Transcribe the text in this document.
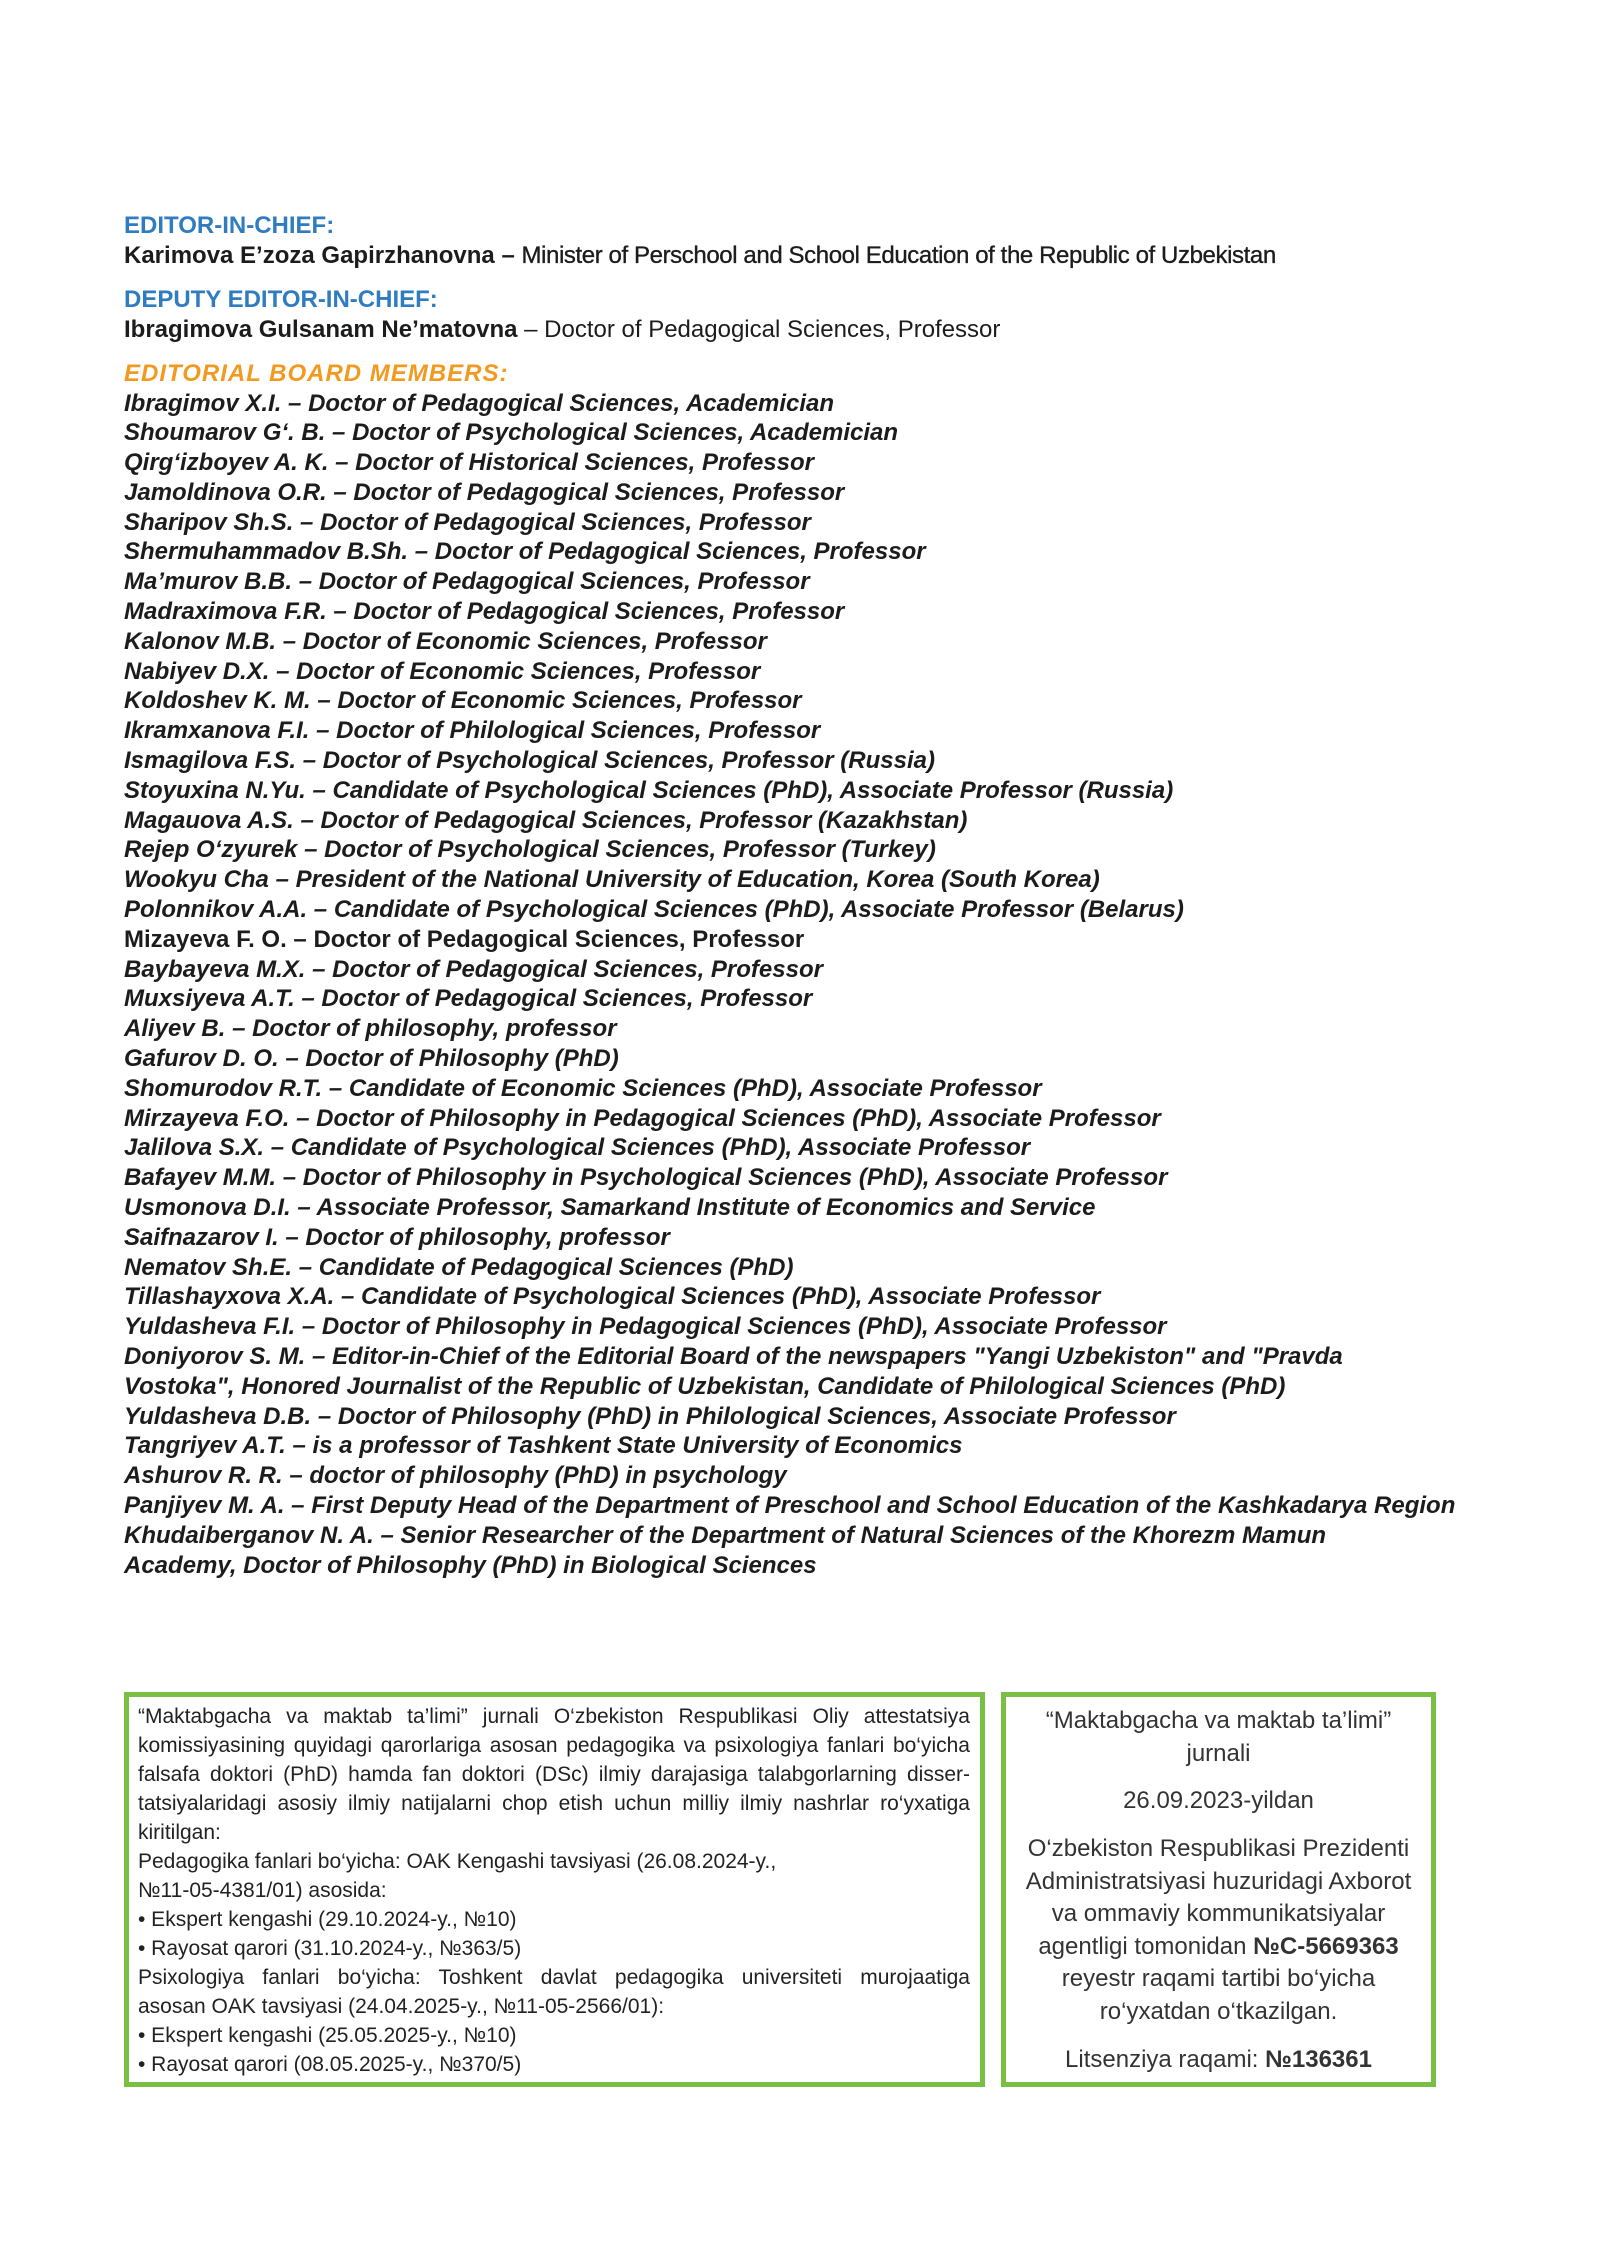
EDITOR-IN-CHIEF:
Karimova E’zoza Gapirzhanovna – Minister of Perschool and School Education of the Republic of Uzbekistan
DEPUTY EDITOR-IN-CHIEF:
Ibragimova Gulsanam Ne’matovna – Doctor of Pedagogical Sciences, Professor
EDITORIAL BOARD MEMBERS:
Ibragimov X.I. – Doctor of Pedagogical Sciences, Academician
Shoumarov G‘. B. – Doctor of Psychological Sciences, Academician
Qirg‘izboyev A. K. – Doctor of Historical Sciences, Professor
Jamoldinova O.R. – Doctor of Pedagogical Sciences, Professor
Sharipov Sh.S. – Doctor of Pedagogical Sciences, Professor
Shermuhammadov B.Sh. – Doctor of Pedagogical Sciences, Professor
Ma’murov B.B. – Doctor of Pedagogical Sciences, Professor
Madraximova F.R. – Doctor of Pedagogical Sciences, Professor
Kalonov M.B. – Doctor of Economic Sciences, Professor
Nabiyev D.X. – Doctor of Economic Sciences, Professor
Koldoshev K. M. – Doctor of Economic Sciences, Professor
Ikramxanova F.I. – Doctor of Philological Sciences, Professor
Ismagilova F.S. – Doctor of Psychological Sciences, Professor (Russia)
Stoyuxina N.Yu. – Candidate of Psychological Sciences (PhD), Associate Professor (Russia)
Magauova A.S. – Doctor of Pedagogical Sciences, Professor (Kazakhstan)
Rejep O‘zyurek – Doctor of Psychological Sciences, Professor (Turkey)
Wookyu Cha – President of the National University of Education, Korea (South Korea)
Polonnikov A.A. – Candidate of Psychological Sciences (PhD), Associate Professor (Belarus)
Mizayeva F. O. – Doctor of Pedagogical Sciences, Professor
Baybayeva M.X. – Doctor of Pedagogical Sciences, Professor
Muxsiyeva A.T. – Doctor of Pedagogical Sciences, Professor
Aliyev B. – Doctor of philosophy, professor
Gafurov D. O. – Doctor of Philosophy (PhD)
Shomurodov R.T. – Candidate of Economic Sciences (PhD), Associate Professor
Mirzayeva F.O. – Doctor of Philosophy in Pedagogical Sciences (PhD), Associate Professor
Jalilova S.X. – Candidate of Psychological Sciences (PhD), Associate Professor
Bafayev M.M. – Doctor of Philosophy in Psychological Sciences (PhD), Associate Professor
Usmonova D.I. – Associate Professor, Samarkand Institute of Economics and Service
Saifnazarov I. – Doctor of philosophy, professor
Nematov Sh.E. – Candidate of Pedagogical Sciences (PhD)
Tillashayxova X.A. – Candidate of Psychological Sciences (PhD), Associate Professor
Yuldasheva F.I. – Doctor of Philosophy in Pedagogical Sciences (PhD), Associate Professor
Doniyorov S. M. – Editor-in-Chief of the Editorial Board of the newspapers "Yangi Uzbekiston" and "Pravda
Vostoka", Honored Journalist of the Republic of Uzbekistan, Candidate of Philological Sciences (PhD)
Yuldasheva D.B. – Doctor of Philosophy (PhD) in Philological Sciences, Associate Professor
Tangriyev A.T. – is a professor of Tashkent State University of Economics
Ashurov R. R. – doctor of philosophy (PhD) in psychology
Panjiyev M. A. – First Deputy Head of the Department of Preschool and School Education of the Kashkadarya Region
Khudaiberganov N. A. – Senior Researcher of the Department of Natural Sciences of the Khorezm Mamun
Academy, Doctor of Philosophy (PhD) in Biological Sciences
“Maktabgacha va maktab ta’limi” jurnali O‘zbekiston Respublikasi Oliy attestatsiya
komissiyasining quyidagi qarorlariga asosan pedagogika va psixologiya fanlari bo‘yicha
falsafa doktori (PhD) hamda fan doktori (DSc) ilmiy darajasiga talabgorlarning disser-
tatsiyalaridagi asosiy ilmiy natijalarni chop etish uchun milliy ilmiy nashrlar ro‘yxatiga
kiritilgan:
Pedagogika fanlari bo‘yicha: OAK Kengashi tavsiyasi (26.08.2024-y.,
№11-05-4381/01) asosida:
• Ekspert kengashi (29.10.2024-y., №10)
• Rayosat qarori (31.10.2024-y., №363/5)
Psixologiya fanlari bo‘yicha: Toshkent davlat pedagogika universiteti murojaatiga
asosan OAK tavsiyasi (24.04.2025-y., №11-05-2566/01):
• Ekspert kengashi (25.05.2025-y., №10)
• Rayosat qarori (08.05.2025-y., №370/5)
“Maktabgacha va maktab ta’limi”
jurnali
26.09.2023-yildan
O‘zbekiston Respublikasi Prezidenti
Administratsiyasi huzuridagi Axborot
va ommaviy kommunikatsiyalar
agentligi tomonidan №C-5669363
reyestr raqami tartibi bo‘yicha
ro‘yxatdan o‘tkazilgan.
Litsenziya raqami: №136361
